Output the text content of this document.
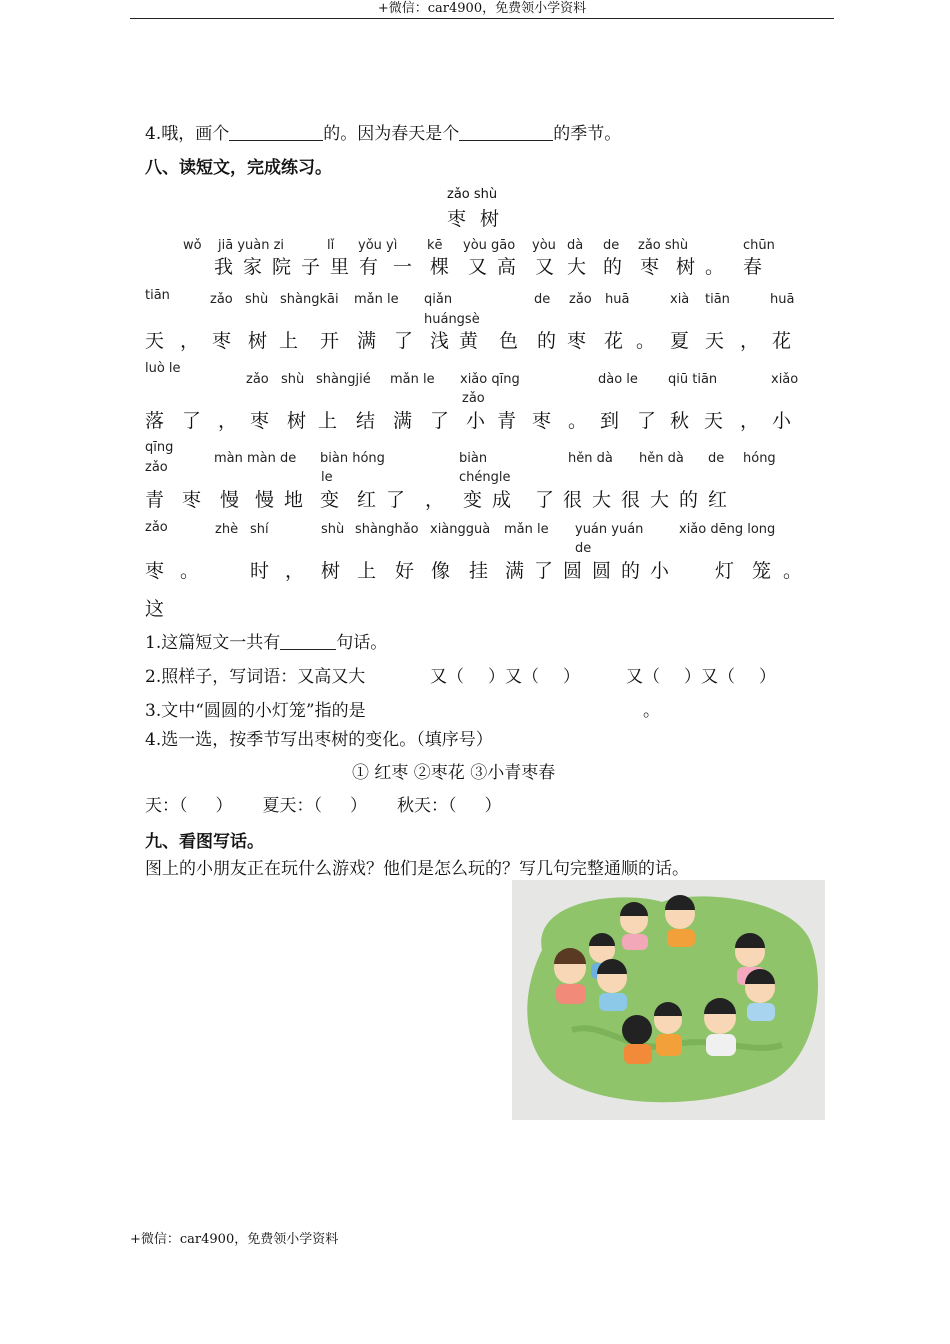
+微信：car4900，免费领小学资料
4.哦，画个	的。因为春天是个	的季节。
八、读短文，完成练习。
zǎo shù
枣 树
wǒ jiā yuàn zi	lǐ yǒu yì kē yòu gāo yòu dà de zǎo shù	chūn
我 家 院 子 里 有 一 棵 又 高 又 大 的 枣 树 。 春
tiān	zǎo shù shàngkāi mǎn le qiǎn
huángsè
de zǎo huā	xià tiān	huā
天 ， 枣 树 上 开 满 了 浅 黄 色 的 枣 花 。 夏 天 ， 花
luò le
zǎo shù shàngjié mǎn le xiǎo qīng
zǎo
dào le qiū tiān	xiǎo
落 了 ， 枣 树 上 结 满 了 小 青 枣 。 到 了 秋 天 ， 小
qīng
zǎo
màn màn de biàn hóng
le
biàn
chéngle
hěn dà hěn dà de hóng
青 枣 慢 慢 地 变 红 了 ， 变 成 了 很 大 很 大 的 红
zǎo	zhè shí	shù shànghǎo xiàngguà mǎn le yuán yuán
de
xiǎo dēng long
枣 。	时 ， 树 上 好 像 挂 满 了 圆 圆 的 小 灯 笼 。
这
1.这篇短文一共有	句话。
2.照样子，写词语：又高又大	又（ ）又（ ）	又（ ）又（ ）
3.文中“圆圆的小灯笼”指的是	。
4.选一选，按季节写出枣树的变化。（填序号）
① 红枣 ②枣花 ③小青枣春
天：（ ） 夏天：（ ） 秋天：（ ）
九、看图写话。
图上的小朋友正在玩什么游戏？他们是怎么玩的？写几句完整通顺的话。
+微信：car4900，免费领小学资料
